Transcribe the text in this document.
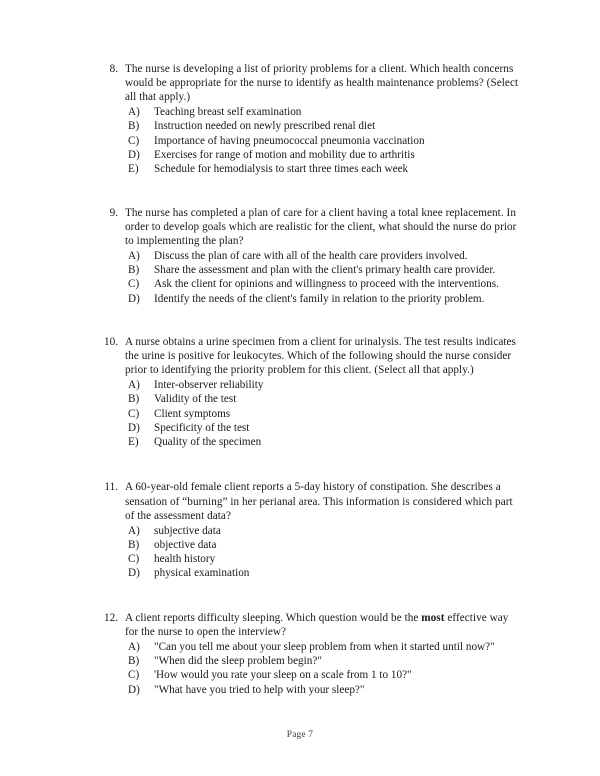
8. The nurse is developing a list of priority problems for a client. Which health concerns would be appropriate for the nurse to identify as health maintenance problems? (Select all that apply.)

A)	Teaching breast self examination
B)	Instruction needed on newly prescribed renal diet
C)	Importance of having pneumococcal pneumonia vaccination
D)	Exercises for range of motion and mobility due to arthritis
E)	Schedule for hemodialysis to start three times each week
9. The nurse has completed a plan of care for a client having a total knee replacement. In order to develop goals which are realistic for the client, what should the nurse do prior to implementing the plan?

A)	Discuss the plan of care with all of the health care providers involved.
B)	Share the assessment and plan with the client's primary health care provider.
C)	Ask the client for opinions and willingness to proceed with the interventions.
D)	Identify the needs of the client's family in relation to the priority problem.
10. A nurse obtains a urine specimen from a client for urinalysis. The test results indicates the urine is positive for leukocytes. Which of the following should the nurse consider prior to identifying the priority problem for this client. (Select all that apply.)

A)	Inter-observer reliability
B)	Validity of the test
C)	Client symptoms
D)	Specificity of the test
E)	Quality of the specimen
11. A 60-year-old female client reports a 5-day history of constipation. She describes a sensation of “burning” in her perianal area. This information is considered which part of the assessment data?

A)	subjective data
B)	objective data
C)	health history
D)	physical examination
12. A client reports difficulty sleeping. Which question would be the most effective way for the nurse to open the interview?

A)	"Can you tell me about your sleep problem from when it started until now?"
B)	"When did the sleep problem begin?"
C)	'How would you rate your sleep on a scale from 1 to 10?"
D)	"What have you tried to help with your sleep?"
Page 7
